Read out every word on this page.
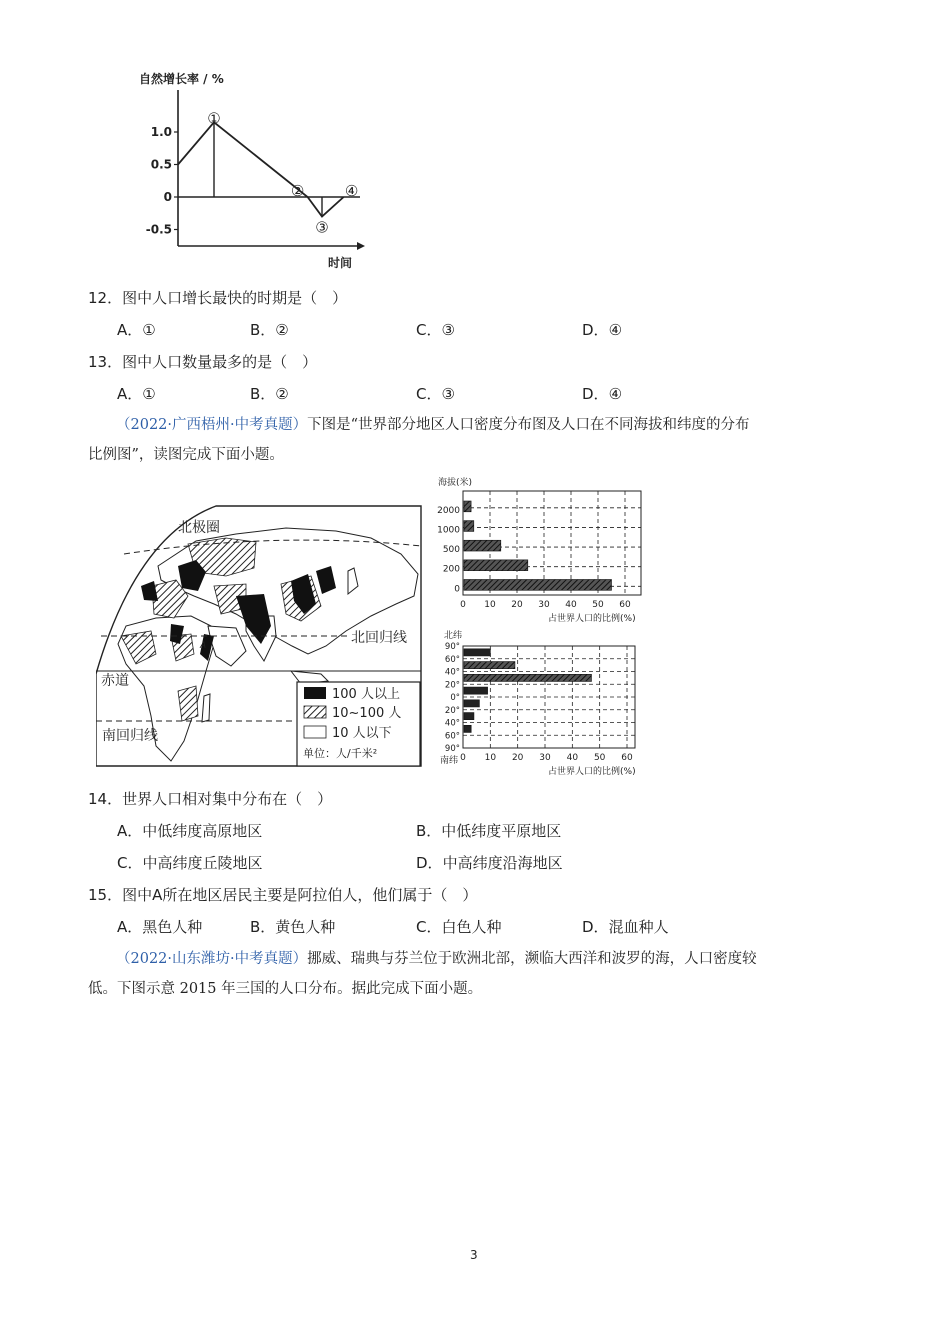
自然增长率 / %
时间
1.0
0.5
0
-0.5
①
②
③
④
12．图中人口增长最快的时期是（　）
A．①	B．②	C．③	D．④
13．图中人口数量最多的是（　）
A．①	B．②	C．③	D．④
（2022·广西梧州·中考真题）下图是“世界部分地区人口密度分布图及人口在不同海拔和纬度的分布
比例图”，读图完成下面小题。
北极圈
北回归线
赤道
南回归线
A
100 人以上
10~100 人
10 人以下
单位：人/千米²
海拔(米)
2000
1000
500
200
0
0 10 20 30 40 50 60
占世界人口的比例(%)
北纬
90°
60°
40°
20°
0°
20°
40°
60°
90°
0 10 20 30 40 50 60
南纬
占世界人口的比例(%)
14．世界人口相对集中分布在（　）
A．中低纬度高原地区	B．中低纬度平原地区
C．中高纬度丘陵地区	D．中高纬度沿海地区
15．图中A所在地区居民主要是阿拉伯人，他们属于（　）
A．黑色人种	B．黄色人种	C．白色人种	D．混血种人
（2022·山东潍坊·中考真题）挪威、瑞典与芬兰位于欧洲北部，濒临大西洋和波罗的海，人口密度较
低。下图示意 2015 年三国的人口分布。据此完成下面小题。
3
